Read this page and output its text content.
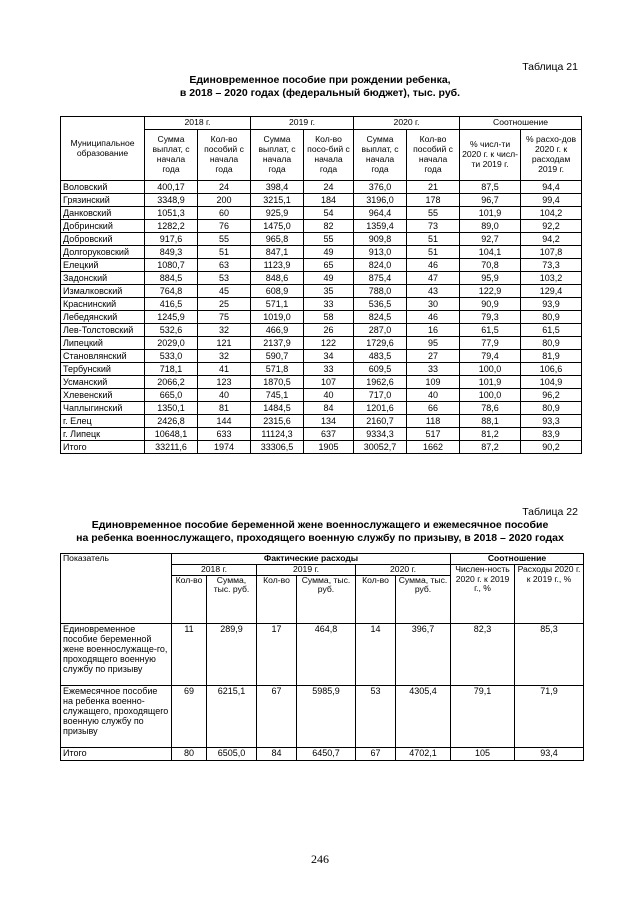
Таблица 21
Единовременное пособие при рождении ребенка,
в 2018 – 2020 годах (федеральный бюджет), тыс. руб.
Муниципальное образование	2018 г.		2019 г.		2020 г.		Соотношение	
	Сумма выплат, с начала года	Кол-во пособий с начала года	Сумма выплат, с начала года	Кол-во посо-бий с начала года	Сумма выплат, с начала года	Кол-во пособий с начала года	% числ-ти 2020 г. к числ-ти 2019 г.	% расхо-дов 2020 г. к расходам 2019 г.
Воловский	400,17	24	398,4	24	376,0	21	87,5	94,4
Грязинский	3348,9	200	3215,1	184	3196,0	178	96,7	99,4
Данковский	1051,3	60	925,9	54	964,4	55	101,9	104,2
Добринский	1282,2	76	1475,0	82	1359,4	73	89,0	92,2
Добровский	917,6	55	965,8	55	909,8	51	92,7	94,2
Долгоруковский	849,3	51	847,1	49	913,0	51	104,1	107,8
Елецкий	1080,7	63	1123,9	65	824,0	46	70,8	73,3
Задонский	884,5	53	848,6	49	875,4	47	95,9	103,2
Измалковский	764,8	45	608,9	35	788,0	43	122,9	129,4
Краснинский	416,5	25	571,1	33	536,5	30	90,9	93,9
Лебедянский	1245,9	75	1019,0	58	824,5	46	79,3	80,9
Лев-Толстовский	532,6	32	466,9	26	287,0	16	61,5	61,5
Липецкий	2029,0	121	2137,9	122	1729,6	95	77,9	80,9
Становлянский	533,0	32	590,7	34	483,5	27	79,4	81,9
Тербунский	718,1	41	571,8	33	609,5	33	100,0	106,6
Усманский	2066,2	123	1870,5	107	1962,6	109	101,9	104,9
Хлевенский	665,0	40	745,1	40	717,0	40	100,0	96,2
Чаплыгинский	1350,1	81	1484,5	84	1201,6	66	78,6	80,9
г. Елец	2426,8	144	2315,6	134	2160,7	118	88,1	93,3
г. Липецк	10648,1	633	11124,3	637	9334,3	517	81,2	83,9
Итого	33211,6	1974	33306,5	1905	30052,7	1662	87,2	90,2
Таблица 22
Единовременное пособие беременной жене военнослужащего и ежемесячное пособие
на ребенка военнослужащего, проходящего военную службу по призыву, в 2018 – 2020 годах
Показатель	Фактические расходы						Соотношение	
	2018 г.		2019 г.		2020 г.		Числен-ность 2020 г. к 2019 г., %	Расходы 2020 г. к 2019 г., %
	Кол-во	Сумма, тыс. руб.	Кол-во	Сумма, тыс. руб.	Кол-во	Сумма, тыс. руб.		
Единовременное пособие беременной жене военнослужаще-го, проходящего военную службу по призыву	11	289,9	17	464,8	14	396,7	82,3	85,3
Ежемесячное пособие на ребенка военно-служащего, проходящего военную службу по призыву	69	6215,1	67	5985,9	53	4305,4	79,1	71,9
Итого	80	6505,0	84	6450,7	67	4702,1	105	93,4
246
